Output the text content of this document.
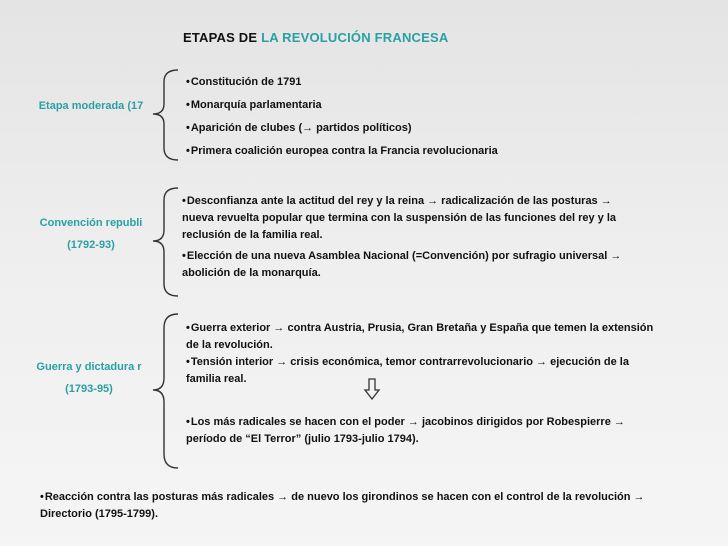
ETAPAS DE LA REVOLUCIÓN FRANCESA
Etapa moderada (17
• Constitución de 1791
• Monarquía parlamentaria
• Aparición de clubes (→ partidos políticos)
• Primera coalición europea contra la Francia revolucionaria
Convención republi
(1792-93)
• Desconfianza ante la actitud del rey y la reina → radicalización de las posturas → nueva revuelta popular que termina con la suspensión de las funciones del rey y la reclusión de la familia real.
• Elección de una nueva Asamblea Nacional (=Convención) por sufragio universal → abolición de la monarquía.
Guerra y dictadura r
(1793-95)
• Guerra exterior → contra Austria, Prusia, Gran Bretaña y España que temen la extensión de la revolución.
• Tensión interior → crisis económica, temor contrarrevolucionario → ejecución de la familia real.
• Los más radicales se hacen con el poder → jacobinos dirigidos por Robespierre → período de “El Terror” (julio 1793-julio 1794).
• Reacción contra las posturas más radicales → de nuevo los girondinos se hacen con el control de la revolución → Directorio (1795-1799).
